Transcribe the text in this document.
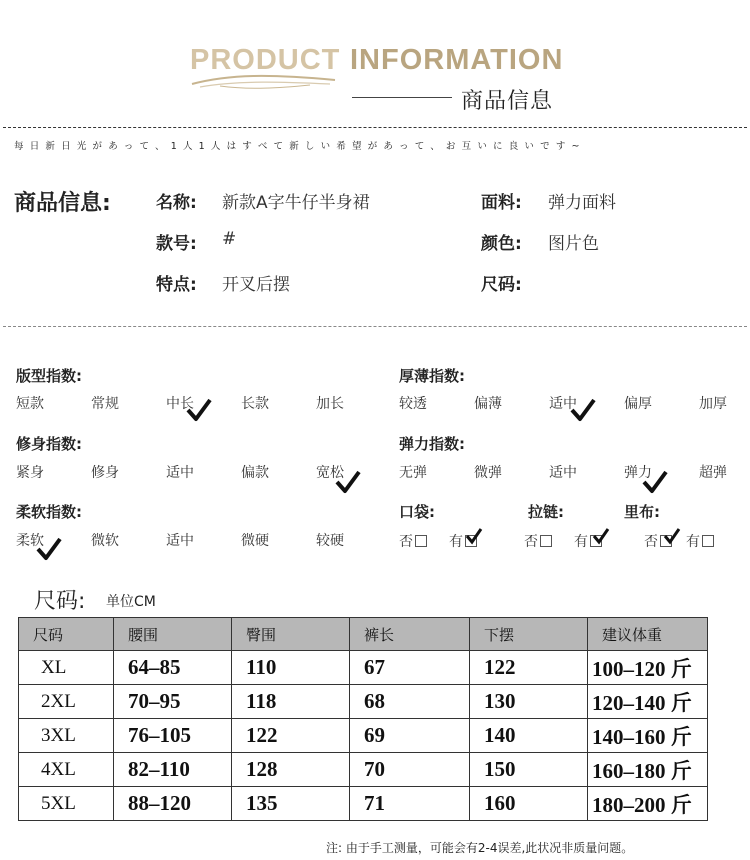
PRODUCT INFORMATION
商品信息
每日新日光があって、1人1人はすべて新しい希望があって、お互いに良いです~
商品信息:	名称: 新款A字牛仔半身裙	面料: 弹力面料
款号: #	颜色: 图片色
特点: 开叉后摆	尺码:
版型指数:
短款	常规	中长	长款	加长
厚薄指数:
较透	偏薄	适中	偏厚	加厚
修身指数:
紧身	修身	适中	偏款	宽松
弹力指数:
无弹	微弹	适中	弹力	超弹
柔软指数:
柔软	微软	适中	微硬	较硬
口袋:
否	有
拉链:
否	有
里布:
否	有
尺码: 单位CM
尺码	腰围	臀围	裤长	下摆	建议体重
XL	64–85	110	67	122	100–120 斤
2XL	70–95	118	68	130	120–140 斤
3XL	76–105	122	69	140	140–160 斤
4XL	82–110	128	70	150	160–180 斤
5XL	88–120	135	71	160	180–200 斤
注: 由于手工测量，可能会有2-4误差,此状况非质量问题。
